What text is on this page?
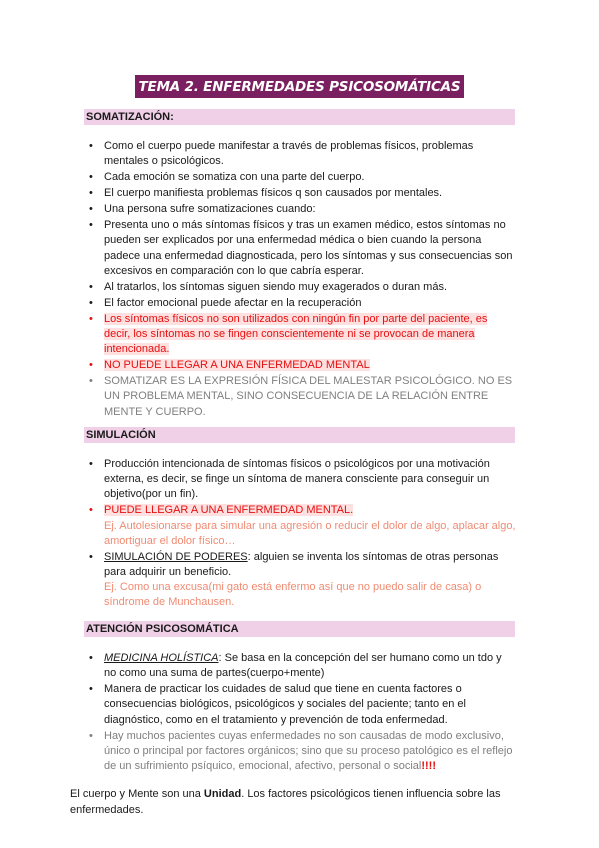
TEMA 2. ENFERMEDADES PSICOSOMÁTICAS
SOMATIZACIÓN:
• Como el cuerpo puede manifestar a través de problemas físicos, problemas mentales o psicológicos.
• Cada emoción se somatiza con una parte del cuerpo.
• El cuerpo manifiesta problemas físicos q son causados por mentales.
• Una persona sufre somatizaciones cuando:
• Presenta uno o más síntomas físicos y tras un examen médico, estos síntomas no pueden ser explicados por una enfermedad médica o bien cuando la persona padece una enfermedad diagnosticada, pero los síntomas y sus consecuencias son excesivos en comparación con lo que cabría esperar.
• Al tratarlos, los síntomas siguen siendo muy exagerados o duran más.
• El factor emocional puede afectar en la recuperación
• Los síntomas físicos no son utilizados con ningún fin por parte del paciente, es decir, los síntomas no se fingen conscientemente ni se provocan de manera intencionada.
• NO PUEDE LLEGAR A UNA ENFERMEDAD MENTAL
• SOMATIZAR ES LA EXPRESIÓN FÍSICA DEL MALESTAR PSICOLÓGICO. NO ES UN PROBLEMA MENTAL, SINO CONSECUENCIA DE LA RELACIÓN ENTRE MENTE Y CUERPO.
SIMULACIÓN
• Producción intencionada de síntomas físicos o psicológicos por una motivación externa, es decir, se finge un síntoma de manera consciente para conseguir un objetivo(por un fin).
• PUEDE LLEGAR A UNA ENFERMEDAD MENTAL.
Ej. Autolesionarse para simular una agresión o reducir el dolor de algo, aplacar algo, amortiguar el dolor físico…
• SIMULACIÓN DE PODERES: alguien se inventa los síntomas de otras personas para adquirir un beneficio.
Ej. Como una excusa(mi gato está enfermo así que no puedo salir de casa) o síndrome de Munchausen.
ATENCIÓN PSICOSOMÁTICA
• MEDICINA HOLÍSTICA: Se basa en la concepción del ser humano como un tdo y no como una suma de partes(cuerpo+mente)
• Manera de practicar los cuidades de salud que tiene en cuenta factores o consecuencias biológicos, psicológicos y sociales del paciente; tanto en el diagnóstico, como en el tratamiento y prevención de toda enfermedad.
• Hay muchos pacientes cuyas enfermedades no son causadas de modo exclusivo, único o principal por factores orgánicos; sino que su proceso patológico es el reflejo de un sufrimiento psíquico, emocional, afectivo, personal o social!!!!
El cuerpo y Mente son una Unidad. Los factores psicológicos tienen influencia sobre las enfermedades.
